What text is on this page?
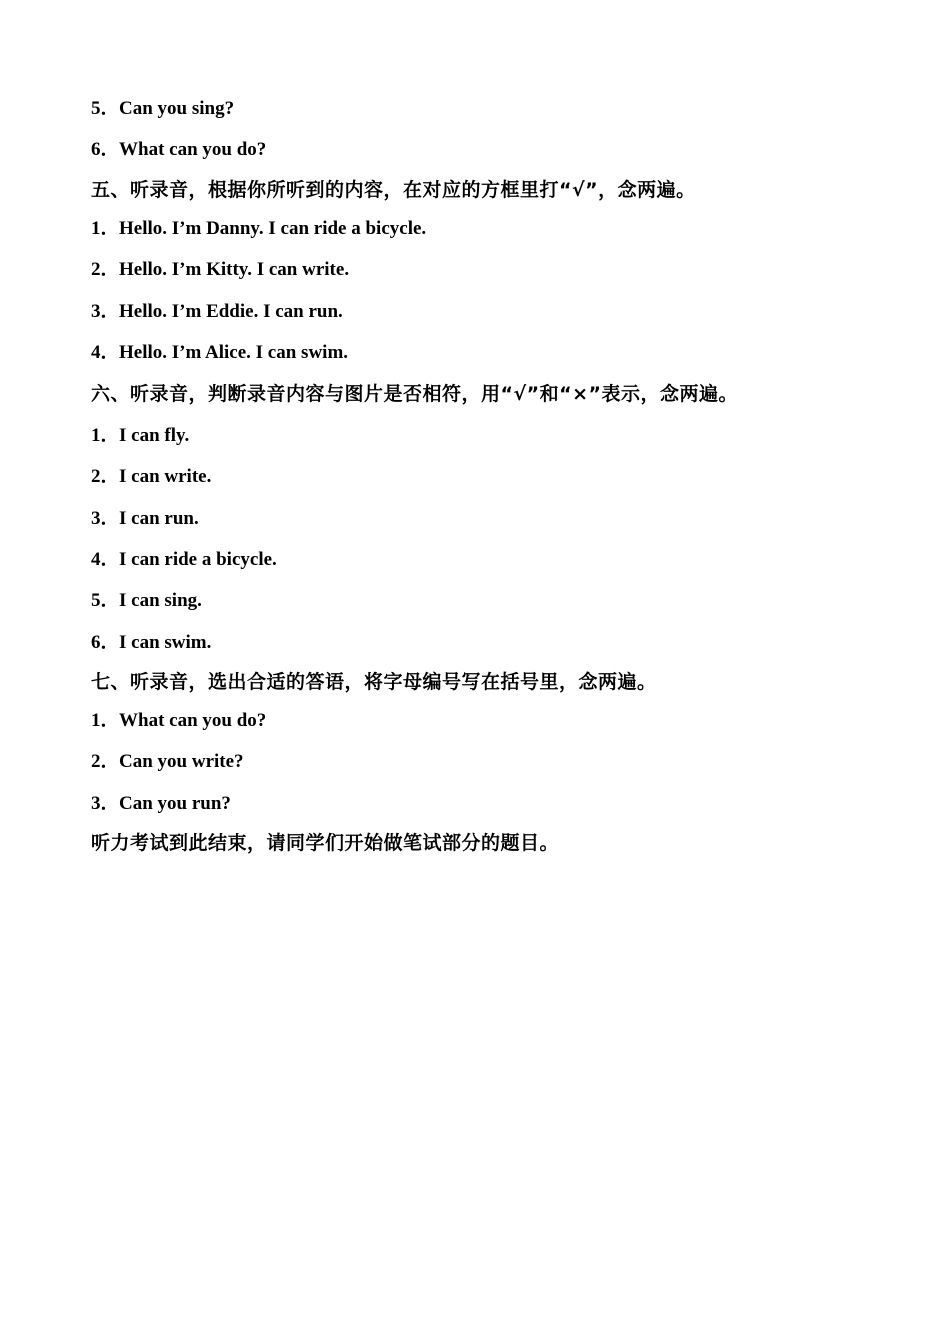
5．Can you sing?
6．What can you do?
五、听录音，根据你所听到的内容，在对应的方框里打“√”，念两遍。
1．Hello. I’m Danny. I can ride a bicycle.
2．Hello. I’m Kitty. I can write.
3．Hello. I’m Eddie. I can run.
4．Hello. I’m Alice. I can swim.
六、听录音，判断录音内容与图片是否相符，用“√”和“×”表示，念两遍。
1．I can fly.
2．I can write.
3．I can run.
4．I can ride a bicycle.
5．I can sing.
6．I can swim.
七、听录音，选出合适的答语，将字母编号写在括号里，念两遍。
1．What can you do?
2．Can you write?
3．Can you run?
听力考试到此结束，请同学们开始做笔试部分的题目。
